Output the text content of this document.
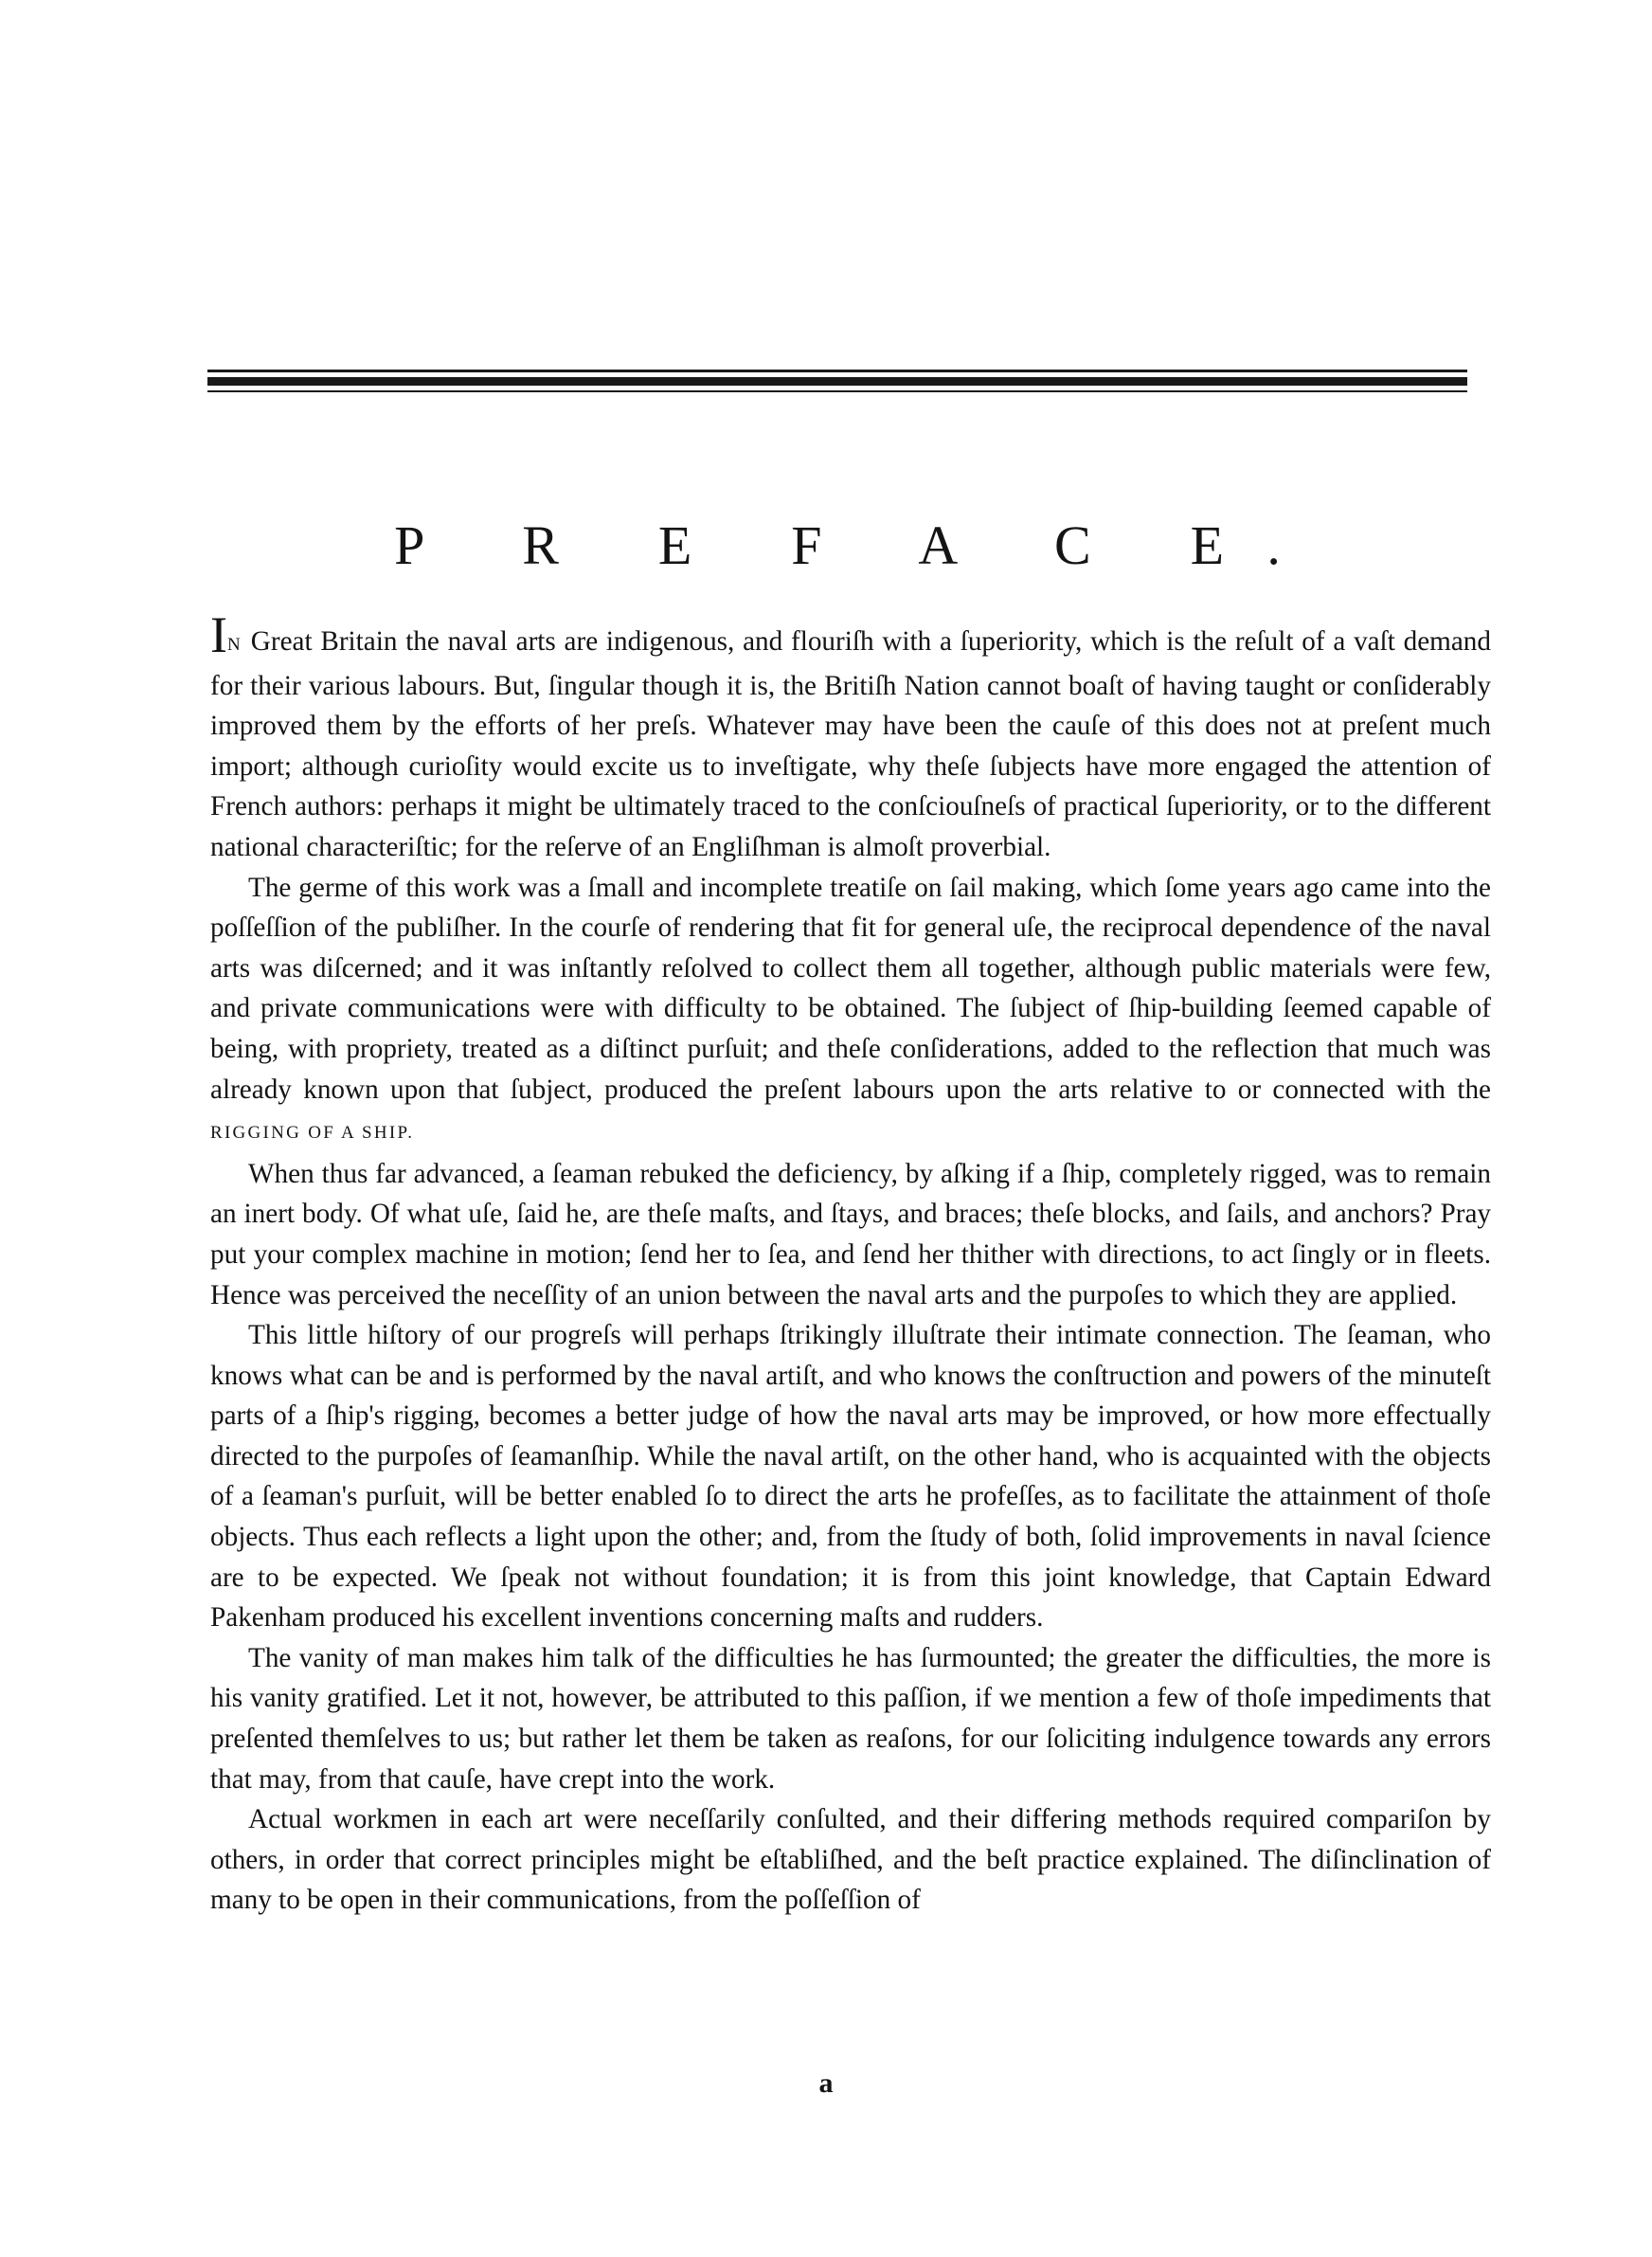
P R E F A C E.

IN Great Britain the naval arts are indigenous, and flouriſh with a ſuperiority, which is the reſult of a vaſt demand for their various labours. But, ſingular though it is, the Britiſh Nation cannot boaſt of having taught or conſiderably improved them by the efforts of her preſs. Whatever may have been the cauſe of this does not at preſent much import; although curioſity would excite us to inveſtigate, why theſe ſubjects have more engaged the attention of French authors: perhaps it might be ultimately traced to the conſciouſneſs of practical ſuperiority, or to the different national characteriſtic; for the reſerve of an Engliſhman is almoſt proverbial.

The germe of this work was a ſmall and incomplete treatiſe on ſail making, which ſome years ago came into the poſſeſſion of the publiſher. In the courſe of rendering that fit for general uſe, the reciprocal dependence of the naval arts was diſcerned; and it was inſtantly reſolved to collect them all together, although public materials were few, and private communications were with difficulty to be obtained. The ſubject of ſhip-building ſeemed capable of being, with propriety, treated as a diſtinct purſuit; and theſe conſiderations, added to the reflection that much was already known upon that ſubject, produced the preſent labours upon the arts relative to or connected with the RIGGING OF A SHIP.

When thus far advanced, a ſeaman rebuked the deficiency, by aſking if a ſhip, completely rigged, was to remain an inert body. Of what uſe, ſaid he, are theſe maſts, and ſtays, and braces; theſe blocks, and ſails, and anchors? Pray put your complex machine in motion; ſend her to ſea, and ſend her thither with directions, to act ſingly or in fleets. Hence was perceived the neceſſity of an union between the naval arts and the purpoſes to which they are applied.

This little hiſtory of our progreſs will perhaps ſtrikingly illuſtrate their intimate connection. The ſeaman, who knows what can be and is performed by the naval artiſt, and who knows the conſtruction and powers of the minuteſt parts of a ſhip's rigging, becomes a better judge of how the naval arts may be improved, or how more effectually directed to the purpoſes of ſeamanſhip. While the naval artiſt, on the other hand, who is acquainted with the objects of a ſeaman's purſuit, will be better enabled ſo to direct the arts he profeſſes, as to facilitate the attainment of thoſe objects. Thus each reflects a light upon the other; and, from the ſtudy of both, ſolid improvements in naval ſcience are to be expected. We ſpeak not without foundation; it is from this joint knowledge, that Captain Edward Pakenham produced his excellent inventions concerning maſts and rudders.

The vanity of man makes him talk of the difficulties he has ſurmounted; the greater the difficulties, the more is his vanity gratified. Let it not, however, be attributed to this paſſion, if we mention a few of thoſe impediments that preſented themſelves to us; but rather let them be taken as reaſons, for our ſoliciting indulgence towards any errors that may, from that cauſe, have crept into the work.

Actual workmen in each art were neceſſarily conſulted, and their differing methods required compariſon by others, in order that correct principles might be eſtabliſhed, and the beſt practice explained. The diſinclination of many to be open in their communications, from the poſſeſſion of

a
